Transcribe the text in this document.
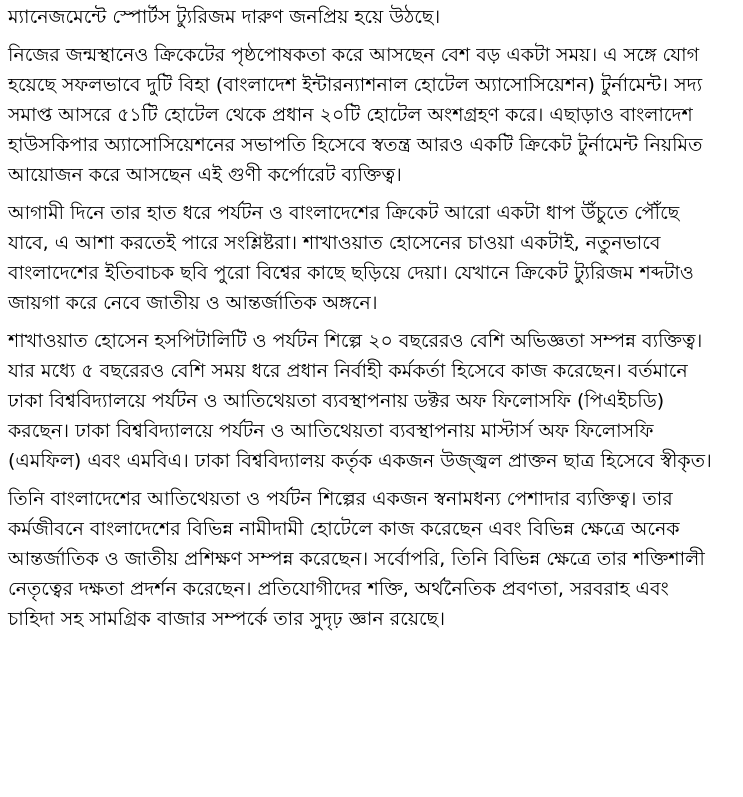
ম্যানেজমেন্টে স্পোর্টস ট্যুরিজম দারুণ জনপ্রিয় হয়ে উঠছে।

নিজের জন্মস্থানেও ক্রিকেটের পৃষ্ঠপোষকতা করে আসছেন বেশ বড় একটা সময়। এ সঙ্গে যোগ
হয়েছে সফলভাবে দুটি বিহা (বাংলাদেশ ইন্টারন্যাশনাল হোটেল অ্যাসোসিয়েশন) টুর্নামেন্ট। সদ্য
সমাপ্ত আসরে ৫১টি হোটেল থেকে প্রধান ২০টি হোটেল অংশগ্রহণ করে। এছাড়াও বাংলাদেশ
হাউসকিপার অ্যাসোসিয়েশনের সভাপতি হিসেবে স্বতন্ত্র আরও একটি ক্রিকেট টুর্নামেন্ট নিয়মিত
আয়োজন করে আসছেন এই গুণী কর্পোরেট ব্যক্তিত্ব।

আগামী দিনে তার হাত ধরে পর্যটন ও বাংলাদেশের ক্রিকেট আরো একটা ধাপ উঁচুতে পৌঁছে
যাবে, এ আশা করতেই পারে সংশ্লিষ্টরা। শাখাওয়াত হোসেনের চাওয়া একটাই, নতুনভাবে
বাংলাদেশের ইতিবাচক ছবি পুরো বিশ্বের কাছে ছড়িয়ে দেয়া। যেখানে ক্রিকেট ট্যুরিজম শব্দটাও
জায়গা করে নেবে জাতীয় ও আন্তর্জাতিক অঙ্গনে।

শাখাওয়াত হোসেন হসপিটালিটি ও পর্যটন শিল্পে ২০ বছরেরও বেশি অভিজ্ঞতা সম্পন্ন ব্যক্তিত্ব।
যার মধ্যে ৫ বছরেরও বেশি সময় ধরে প্রধান নির্বাহী কর্মকর্তা হিসেবে কাজ করেছেন। বর্তমানে
ঢাকা বিশ্ববিদ্যালয়ে পর্যটন ও আতিথেয়তা ব্যবস্থাপনায় ডক্টর অফ ফিলোসফি (পিএইচডি)
করছেন। ঢাকা বিশ্ববিদ্যালয়ে পর্যটন ও আতিথেয়তা ব্যবস্থাপনায় মাস্টার্স অফ ফিলোসফি
(এমফিল) এবং এমবিএ। ঢাকা বিশ্ববিদ্যালয় কর্তৃক একজন উজ্জ্বল প্রাক্তন ছাত্র হিসেবে স্বীকৃত।

তিনি বাংলাদেশের আতিথেয়তা ও পর্যটন শিল্পের একজন স্বনামধন্য পেশাদার ব্যক্তিত্ব। তার
কর্মজীবনে বাংলাদেশের বিভিন্ন নামীদামী হোটেলে কাজ করেছেন এবং বিভিন্ন ক্ষেত্রে অনেক
আন্তর্জাতিক ও জাতীয় প্রশিক্ষণ সম্পন্ন করেছেন। সর্বোপরি, তিনি বিভিন্ন ক্ষেত্রে তার শক্তিশালী
নেতৃত্বের দক্ষতা প্রদর্শন করেছেন। প্রতিযোগীদের শক্তি, অর্থনৈতিক প্রবণতা, সরবরাহ এবং
চাহিদা সহ সামগ্রিক বাজার সম্পর্কে তার সুদৃঢ় জ্ঞান রয়েছে।
